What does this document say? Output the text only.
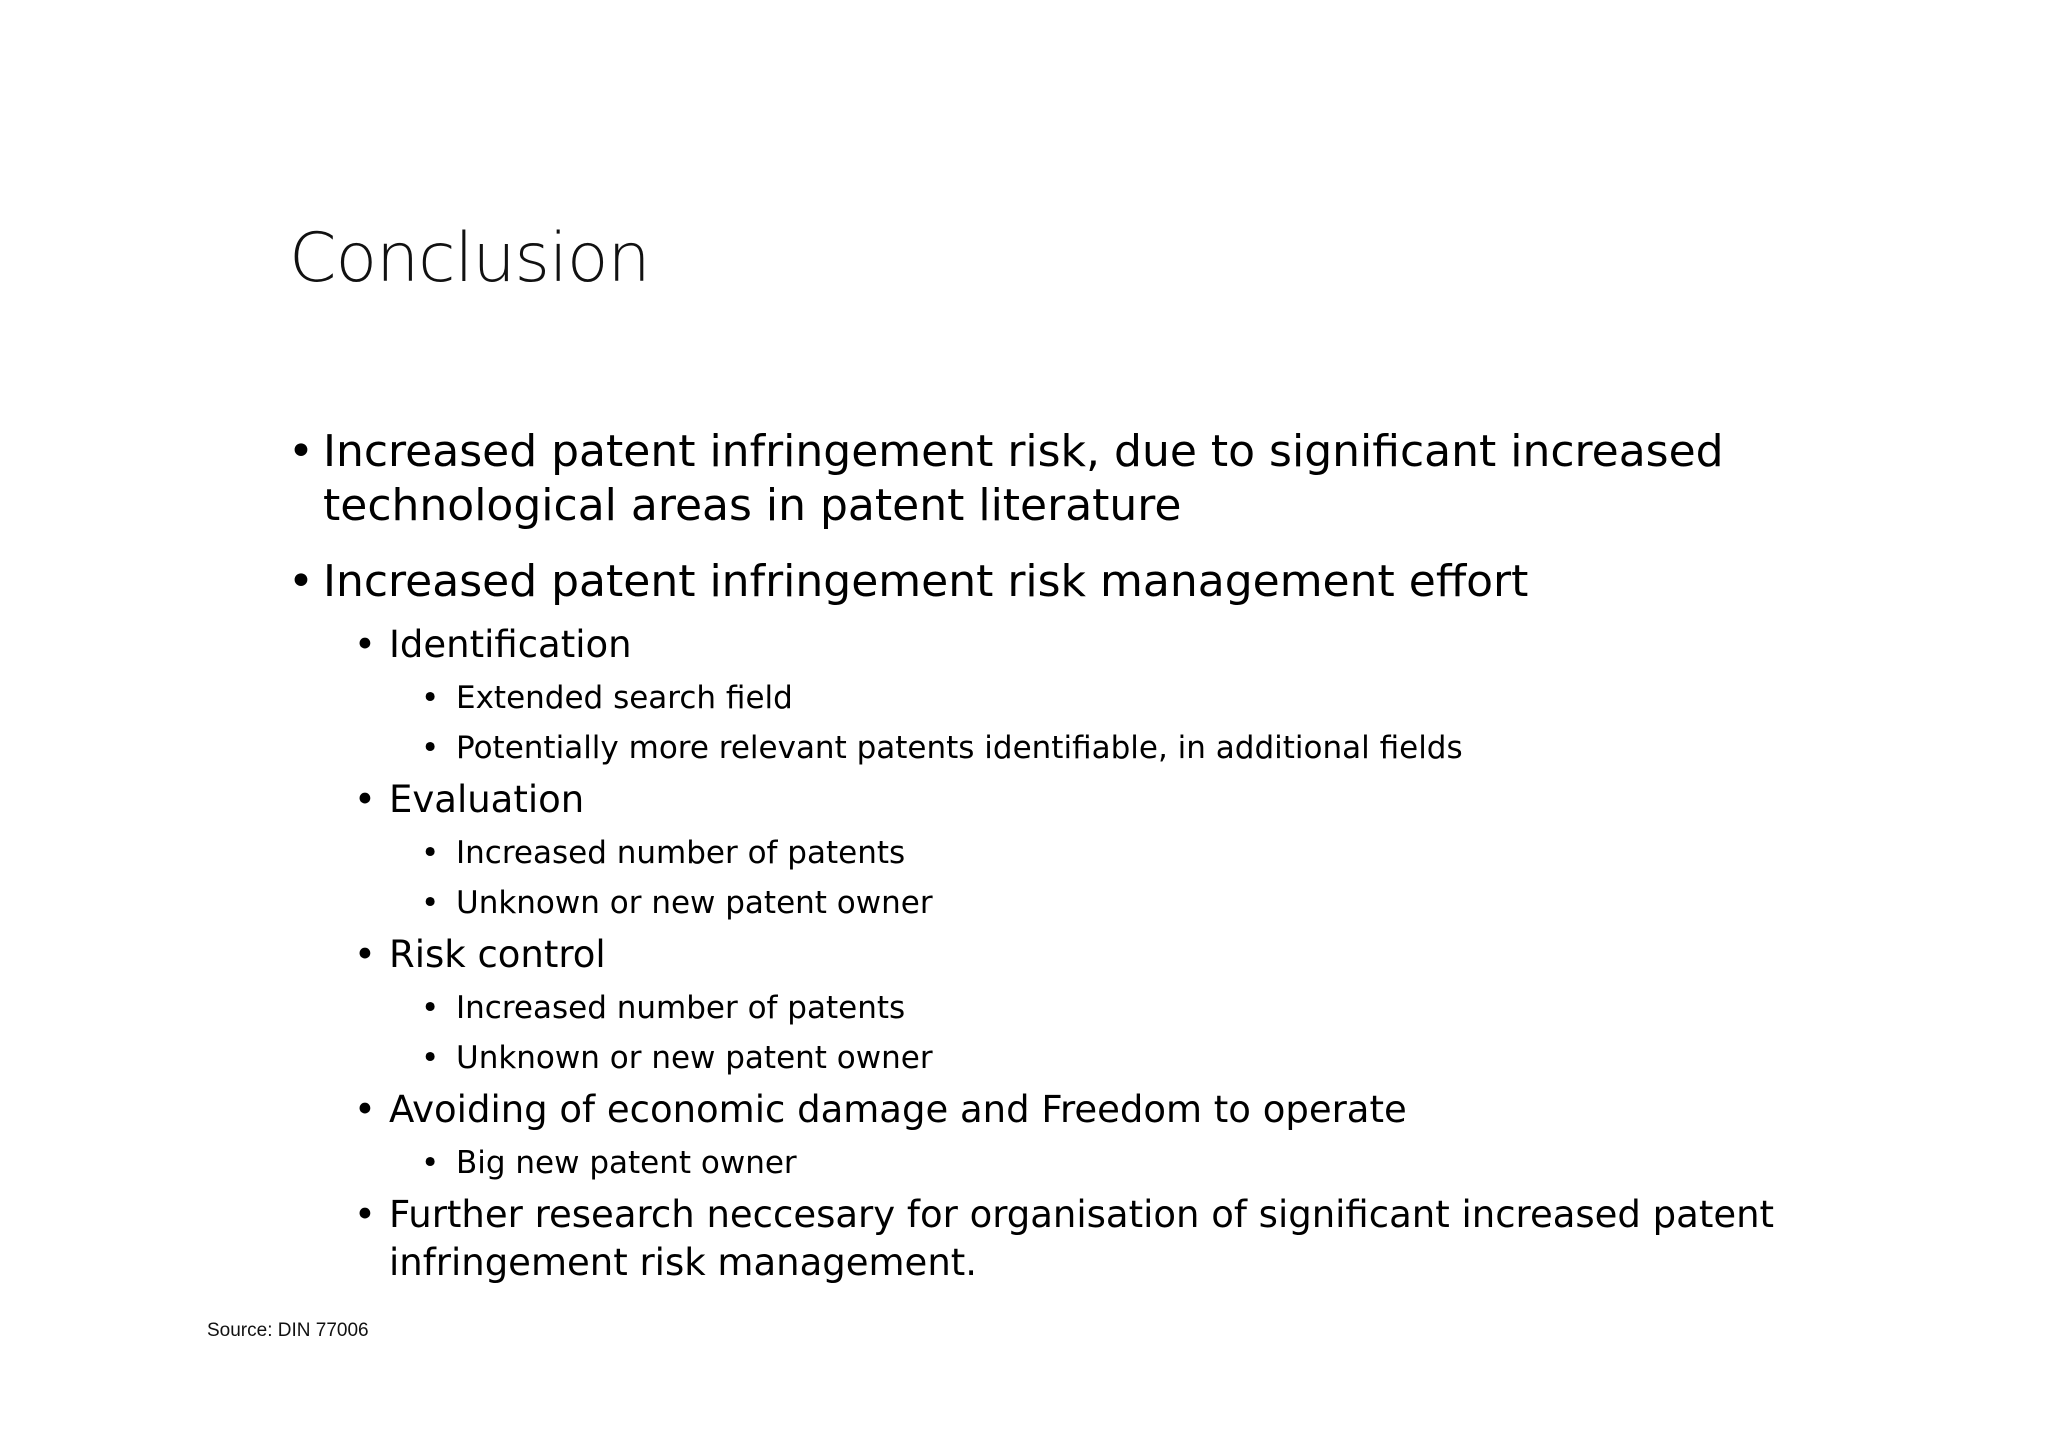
Conclusion
• Increased patent infringement risk, due to significant increased technological areas in patent literature
• Increased patent infringement risk management effort
• Identification
• Extended search field
• Potentially more relevant patents identifiable, in additional fields
• Evaluation
• Increased number of patents
• Unknown or new patent owner
• Risk control
• Increased number of patents
• Unknown or new patent owner
• Avoiding of economic damage and Freedom to operate
• Big new patent owner
• Further research neccesary for organisation of significant increased patent infringement risk management.
Source: DIN 77006
